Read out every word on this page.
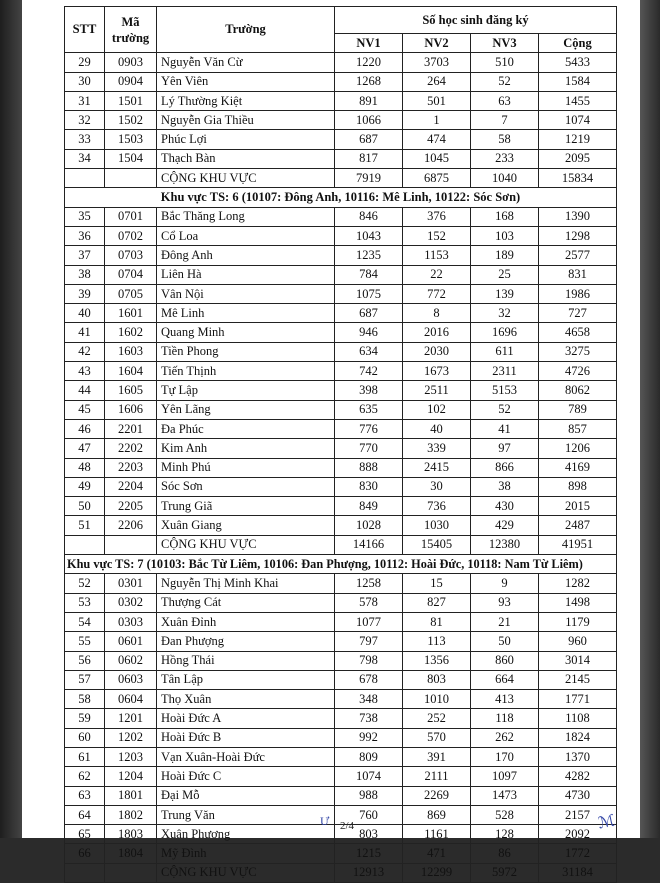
STT	Mã trường	Trường	Số học sinh đăng ký			
			NV1	NV2	NV3	Cộng
29	0903	Nguyễn Văn Cừ	1220	3703	510	5433
30	0904	Yên Viên	1268	264	52	1584
31	1501	Lý Thường Kiệt	891	501	63	1455
32	1502	Nguyễn Gia Thiều	1066	1	7	1074
33	1503	Phúc Lợi	687	474	58	1219
34	1504	Thạch Bàn	817	1045	233	2095
		CỘNG KHU VỰC	7919	6875	1040	15834
Khu vực TS: 6 (10107: Đông Anh, 10116: Mê Linh, 10122: Sóc Sơn)						
35	0701	Bắc Thăng Long	846	376	168	1390
36	0702	Cổ Loa	1043	152	103	1298
37	0703	Đông Anh	1235	1153	189	2577
38	0704	Liên Hà	784	22	25	831
39	0705	Vân Nội	1075	772	139	1986
40	1601	Mê Linh	687	8	32	727
41	1602	Quang Minh	946	2016	1696	4658
42	1603	Tiền Phong	634	2030	611	3275
43	1604	Tiến Thịnh	742	1673	2311	4726
44	1605	Tự Lập	398	2511	5153	8062
45	1606	Yên Lãng	635	102	52	789
46	2201	Đa Phúc	776	40	41	857
47	2202	Kim Anh	770	339	97	1206
48	2203	Minh Phú	888	2415	866	4169
49	2204	Sóc Sơn	830	30	38	898
50	2205	Trung Giã	849	736	430	2015
51	2206	Xuân Giang	1028	1030	429	2487
		CỘNG KHU VỰC	14166	15405	12380	41951
Khu vực TS: 7 (10103: Bắc Từ Liêm, 10106: Đan Phượng, 10112: Hoài Đức, 10118: Nam Từ Liêm)						
52	0301	Nguyễn Thị Minh Khai	1258	15	9	1282
53	0302	Thượng Cát	578	827	93	1498
54	0303	Xuân Đỉnh	1077	81	21	1179
55	0601	Đan Phượng	797	113	50	960
56	0602	Hồng Thái	798	1356	860	3014
57	0603	Tân Lập	678	803	664	2145
58	0604	Thọ Xuân	348	1010	413	1771
59	1201	Hoài Đức A	738	252	118	1108
60	1202	Hoài Đức B	992	570	262	1824
61	1203	Vạn Xuân-Hoài Đức	809	391	170	1370
62	1204	Hoài Đức C	1074	2111	1097	4282
63	1801	Đại Mỗ	988	2269	1473	4730
64	1802	Trung Văn	760	869	528	2157
65	1803	Xuân Phương	803	1161	128	2092
66	1804	Mỹ Đình	1215	471	86	1772
		CỘNG KHU VỰC	12913	12299	5972	31184
Ư 2/4	ℳ
